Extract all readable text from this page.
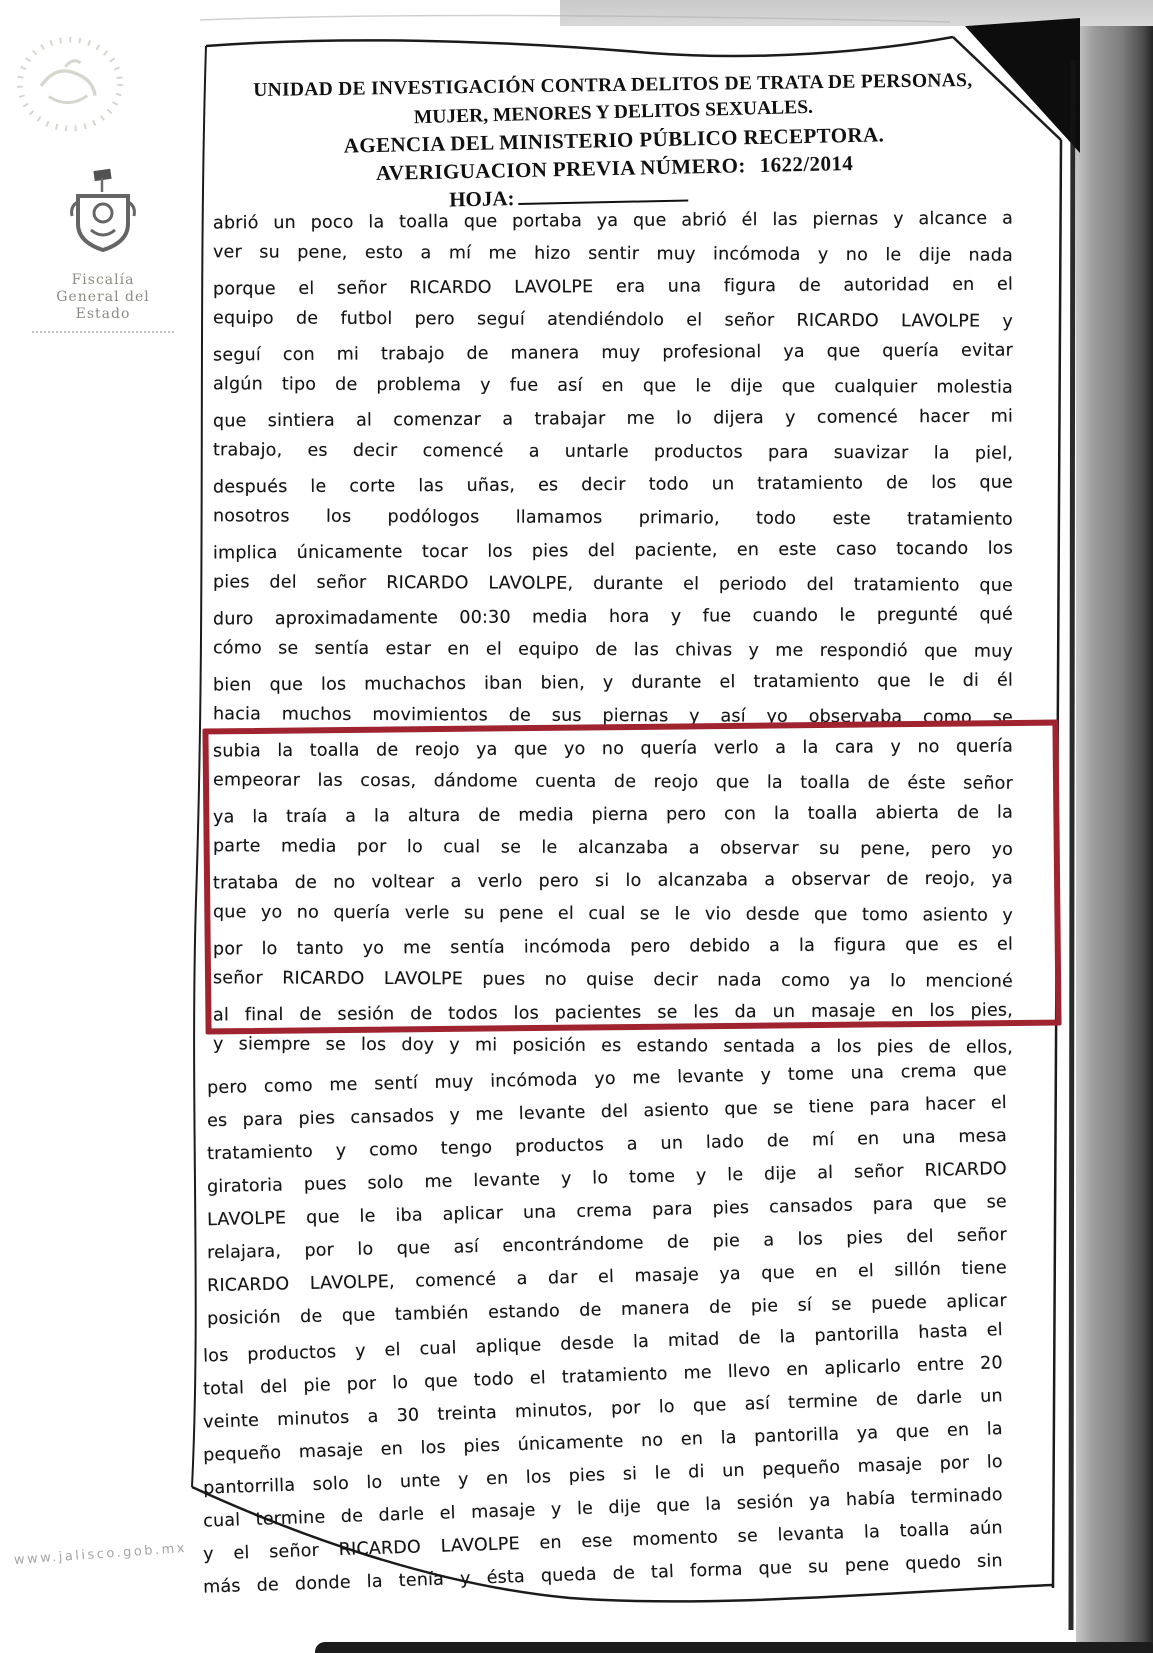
Fiscalía
General del Estado
www.jalisco.gob.mx
UNIDAD DE INVESTIGACIÓN CONTRA DELITOS DE TRATA DE PERSONAS,
MUJER, MENORES Y DELITOS SEXUALES.
AGENCIA DEL MINISTERIO PÚBLICO RECEPTORA.
AVERIGUACION PREVIA NÚMERO: 1622/2014
HOJA:
abrió un poco la toalla que portaba ya que abrió él las piernas y alcance a
ver su pene, esto a mí me hizo sentir muy incómoda y no le dije nada
porque el señor RICARDO LAVOLPE era una figura de autoridad en el
equipo de futbol pero seguí atendiéndolo el señor RICARDO LAVOLPE y
seguí con mi trabajo de manera muy profesional ya que quería evitar
algún tipo de problema y fue así en que le dije que cualquier molestia
que sintiera al comenzar a trabajar me lo dijera y comencé hacer mi
trabajo, es decir comencé a untarle productos para suavizar la piel,
después le corte las uñas, es decir todo un tratamiento de los que
nosotros los podólogos llamamos primario, todo este tratamiento
implica únicamente tocar los pies del paciente, en este caso tocando los
pies del señor RICARDO LAVOLPE, durante el periodo del tratamiento que
duro aproximadamente 00:30 media hora y fue cuando le pregunté qué
cómo se sentía estar en el equipo de las chivas y me respondió que muy
bien que los muchachos iban bien, y durante el tratamiento que le di él
hacia muchos movimientos de sus piernas y así yo observaba como se
subia la toalla de reojo ya que yo no quería verlo a la cara y no quería
empeorar las cosas, dándome cuenta de reojo que la toalla de éste señor
ya la traía a la altura de media pierna pero con la toalla abierta de la
parte media por lo cual se le alcanzaba a observar su pene, pero yo
trataba de no voltear a verlo pero si lo alcanzaba a observar de reojo, ya
que yo no quería verle su pene el cual se le vio desde que tomo asiento y
por lo tanto yo me sentía incómoda pero debido a la figura que es el
señor RICARDO LAVOLPE pues no quise decir nada como ya lo mencioné
al final de sesión de todos los pacientes se les da un masaje en los pies,
y siempre se los doy y mi posición es estando sentada a los pies de ellos,
pero como me sentí muy incómoda yo me levante y tome una crema que
es para pies cansados y me levante del asiento que se tiene para hacer el
tratamiento y como tengo productos a un lado de mí en una mesa
giratoria pues solo me levante y lo tome y le dije al señor RICARDO
LAVOLPE que le iba aplicar una crema para pies cansados para que se
relajara, por lo que así encontrándome de pie a los pies del señor
RICARDO LAVOLPE, comencé a dar el masaje ya que en el sillón tiene
posición de que también estando de manera de pie sí se puede aplicar
los productos y el cual aplique desde la mitad de la pantorilla hasta el
total del pie por lo que todo el tratamiento me llevo en aplicarlo entre 20
veinte minutos a 30 treinta minutos, por lo que así termine de darle un
pequeño masaje en los pies únicamente no en la pantorilla ya que en la
pantorrilla solo lo unte y en los pies si le di un pequeño masaje por lo
cual termine de darle el masaje y le dije que la sesión ya había terminado
y el señor RICARDO LAVOLPE en ese momento se levanta la toalla aún
más de donde la tenía y ésta queda de tal forma que su pene quedo sin
